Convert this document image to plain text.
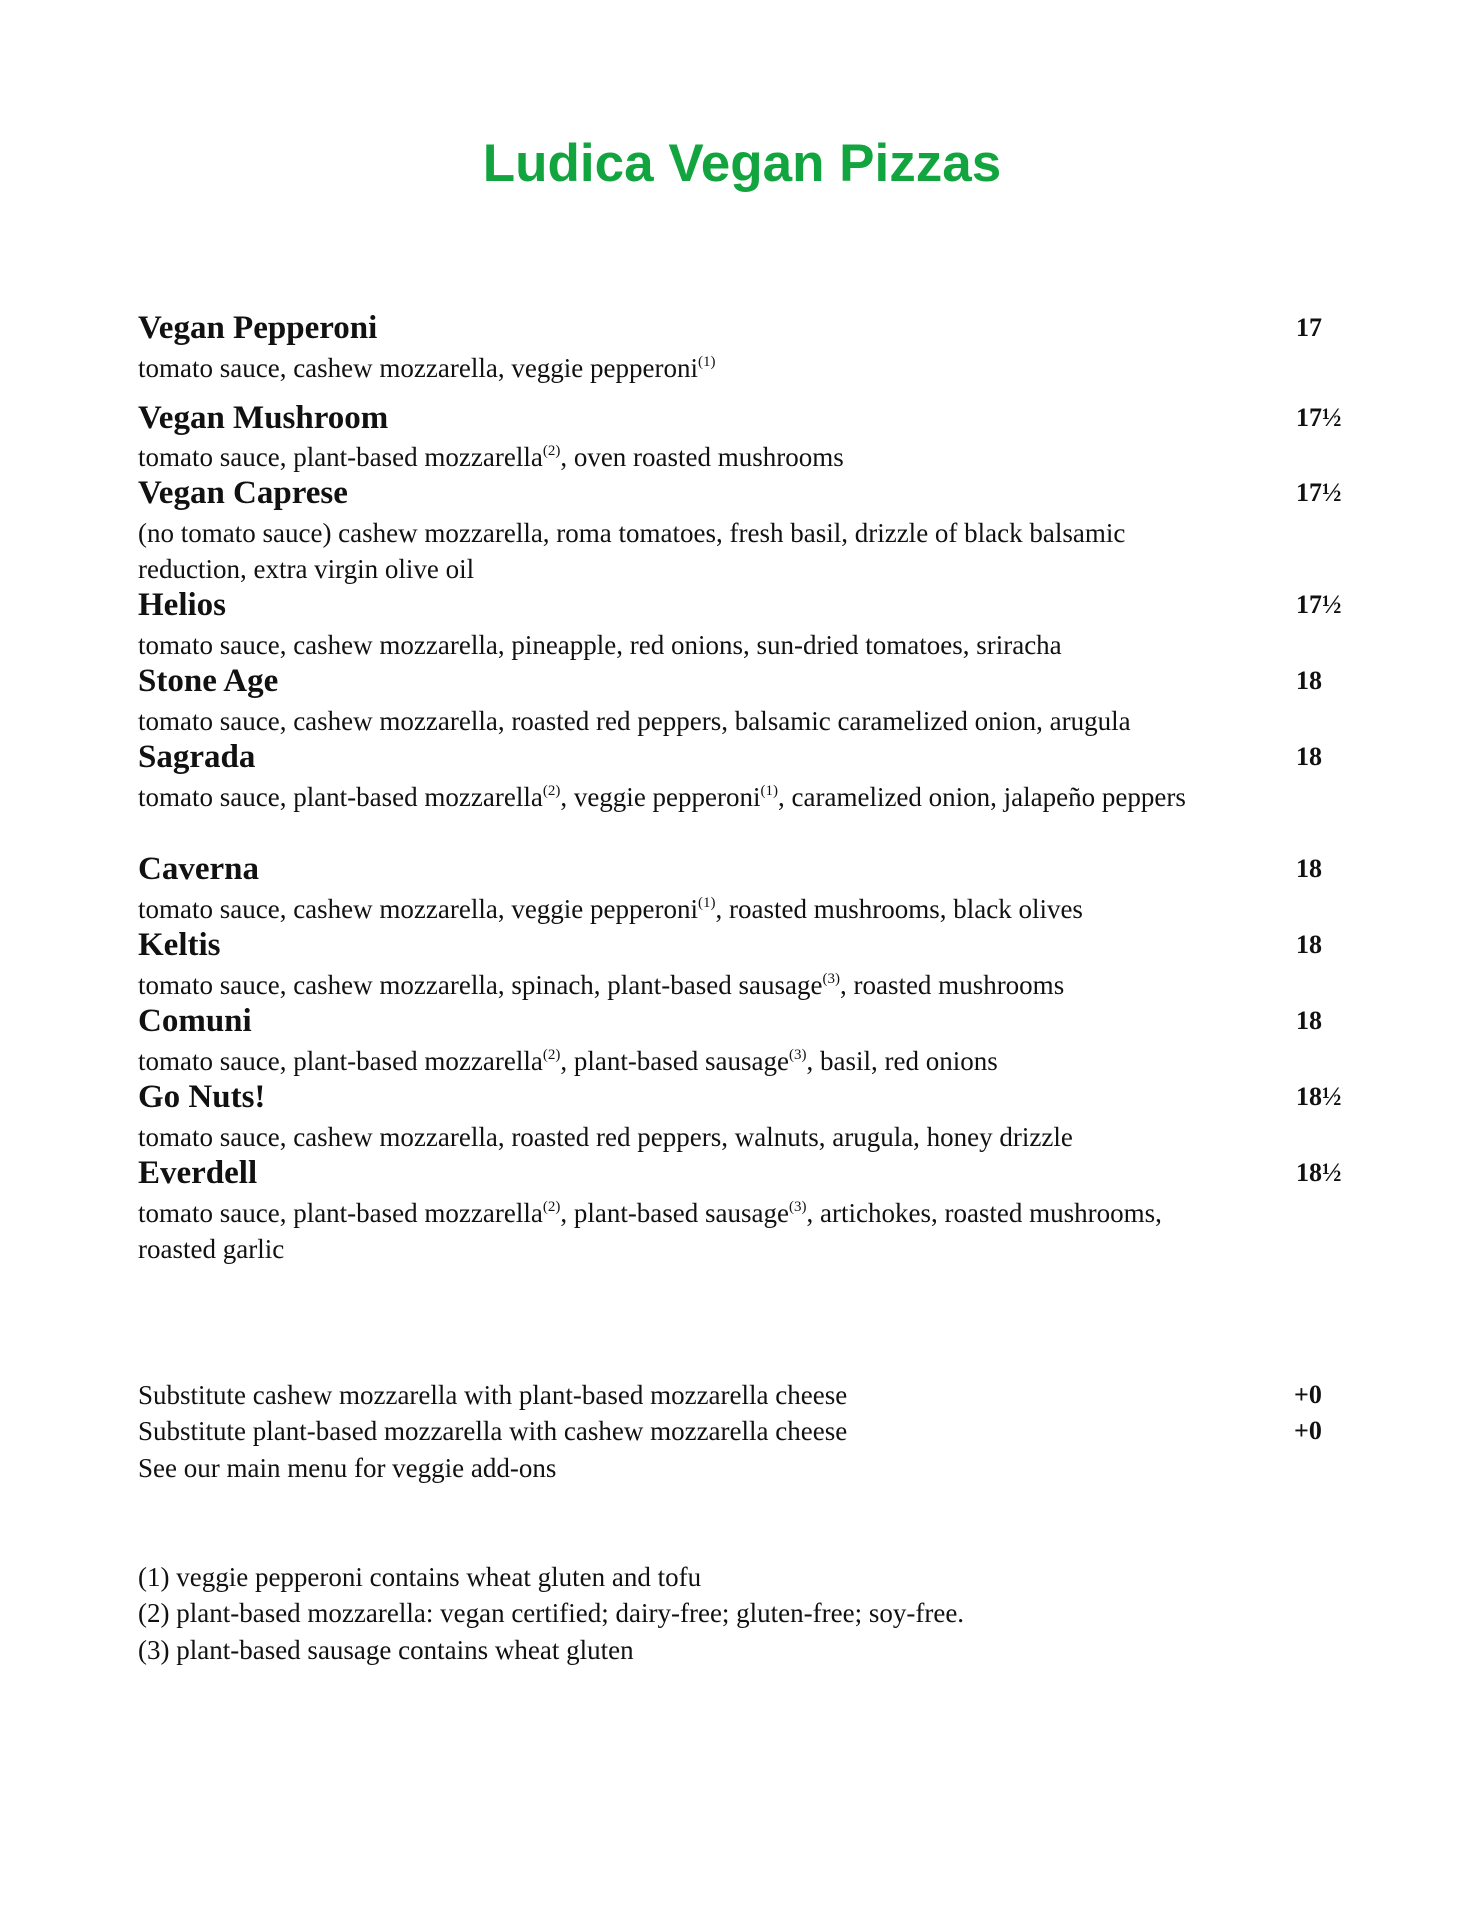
Ludica Vegan Pizzas
Vegan Pepperoni	17
tomato sauce, cashew mozzarella, veggie pepperoni$^{(1)}$
Vegan Mushroom	17½
tomato sauce, plant-based mozzarella$^{(2)}$, oven roasted mushrooms
Vegan Caprese	17½
(no tomato sauce) cashew mozzarella, roma tomatoes, fresh basil, drizzle of black balsamic reduction, extra virgin olive oil
Helios	17½
tomato sauce, cashew mozzarella, pineapple, red onions, sun-dried tomatoes, sriracha
Stone Age	18
tomato sauce, cashew mozzarella, roasted red peppers, balsamic caramelized onion, arugula
Sagrada	18
tomato sauce, plant-based mozzarella$^{(2)}$, veggie pepperoni$^{(1)}$, caramelized onion, jalapeño peppers
Caverna	18
tomato sauce, cashew mozzarella, veggie pepperoni$^{(1)}$, roasted mushrooms, black olives
Keltis	18
tomato sauce, cashew mozzarella, spinach, plant-based sausage$^{(3)}$, roasted mushrooms
Comuni	18
tomato sauce, plant-based mozzarella$^{(2)}$, plant-based sausage$^{(3)}$, basil, red onions
Go Nuts!	18½
tomato sauce, cashew mozzarella, roasted red peppers, walnuts, arugula, honey drizzle
Everdell	18½
tomato sauce, plant-based mozzarella$^{(2)}$, plant-based sausage$^{(3)}$, artichokes, roasted mushrooms, roasted garlic
Substitute cashew mozzarella with plant-based mozzarella cheese	+0
Substitute plant-based mozzarella with cashew mozzarella cheese	+0
See our main menu for veggie add-ons
(1) veggie pepperoni contains wheat gluten and tofu
(2) plant-based mozzarella: vegan certified; dairy-free; gluten-free; soy-free.
(3) plant-based sausage contains wheat gluten
